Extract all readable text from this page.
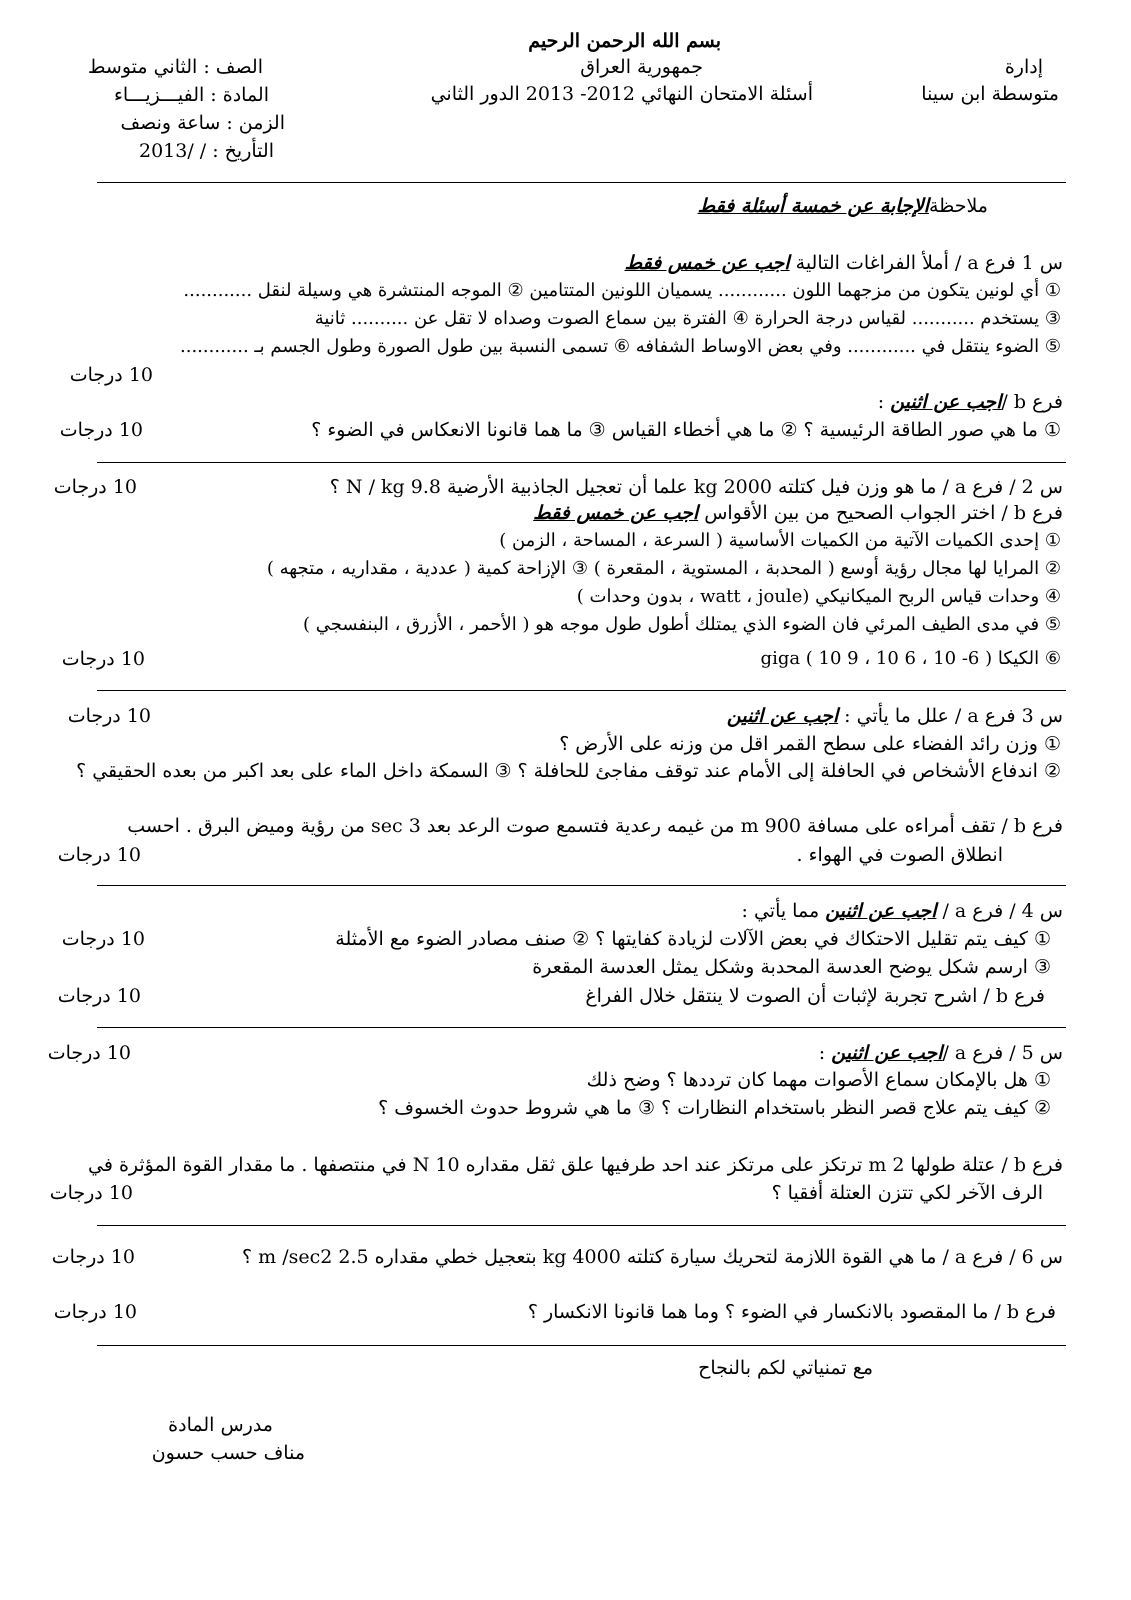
بسم الله الرحمن الرحيم
جمهورية العراق
أسئلة الامتحان النهائي 2012- 2013 الدور الثاني
إدارة
متوسطة ابن سينا
الصف : الثاني متوسط
المادة : الفيـــزيـــاء
الزمن : ساعة ونصف
التأريخ : / /2013
ملاحظةالإجابة عن خمسة أسئلة فقط
س 1 فرع a / أملأ الفراغات التالية اجب عن خمس فقط
① أي لونين يتكون من مزجهما اللون ............ يسميان اللونين المتتامين ② الموجه المنتشرة هي وسيلة لنقل ............
③ يستخدم ........... لقياس درجة الحرارة ④ الفترة بين سماع الصوت وصداه لا تقل عن .......... ثانية
⑤ الضوء ينتقل في ............ وفي بعض الاوساط الشفافه ⑥ تسمى النسبة بين طول الصورة وطول الجسم بـ ............
10 درجات
فرع b /اجب عن اثنين :
① ما هي صور الطاقة الرئيسية ؟ ② ما هي أخطاء القياس ③ ما هما قانونا الانعكاس في الضوء ؟
10 درجات
س 2 / فرع a / ما هو وزن فيل كتلته 2000 kg علما أن تعجيل الجاذبية الأرضية 9.8 N / kg ؟
10 درجات
فرع b / اختر الجواب الصحيح من بين الأقواس اجب عن خمس فقط
① إحدى الكميات الآتية من الكميات الأساسية ( السرعة ، المساحة ، الزمن )
② المرايا لها مجال رؤية أوسع ( المحدبة ، المستوية ، المقعرة ) ③ الإزاحة كمية ( عددية ، مقداريه ، متجهه )
④ وحدات قياس الربح الميكانيكي (watt ، joule ، بدون وحدات )
⑤ في مدى الطيف المرئي فان الضوء الذي يمتلك أطول طول موجه هو ( الأحمر ، الأزرق ، البنفسجي )
⑥ الكيكا giga ( 10 9 ، 10 6 ، 10 -6 )
10 درجات
س 3 فرع a / علل ما يأتي : اجب عن اثنين
10 درجات
① وزن رائد الفضاء على سطح القمر اقل من وزنه على الأرض ؟
② اندفاع الأشخاص في الحافلة إلى الأمام عند توقف مفاجئ للحافلة ؟ ③ السمكة داخل الماء على بعد اكبر من بعده الحقيقي ؟
فرع b / تقف أمراءه على مسافة 900 m من غيمه رعدية فتسمع صوت الرعد بعد 3 sec من رؤية وميض البرق . احسب
انطلاق الصوت في الهواء .
10 درجات
س 4 / فرع a / اجب عن اثنين مما يأتي :
① كيف يتم تقليل الاحتكاك في بعض الآلات لزيادة كفايتها ؟ ② صنف مصادر الضوء مع الأمثلة
10 درجات
③ ارسم شكل يوضح العدسة المحدبة وشكل يمثل العدسة المقعرة
فرع b / اشرح تجربة لإثبات أن الصوت لا ينتقل خلال الفراغ
10 درجات
س 5 / فرع a /اجب عن اثنين :
10 درجات
① هل بالإمكان سماع الأصوات مهما كان ترددها ؟ وضح ذلك
② كيف يتم علاج قصر النظر باستخدام النظارات ؟ ③ ما هي شروط حدوث الخسوف ؟
فرع b / عتلة طولها 2 m ترتكز على مرتكز عند احد طرفيها علق ثقل مقداره 10 N في منتصفها . ما مقدار القوة المؤثرة في
الرف الآخر لكي تتزن العتلة أفقيا ؟
10 درجات
س 6 / فرع a / ما هي القوة اللازمة لتحريك سيارة كتلته 4000 kg بتعجيل خطي مقداره 2.5 m /sec2 ؟
10 درجات
فرع b / ما المقصود بالانكسار في الضوء ؟ وما هما قانونا الانكسار ؟
10 درجات
مع تمنياتي لكم بالنجاح
مدرس المادة
مناف حسب حسون
